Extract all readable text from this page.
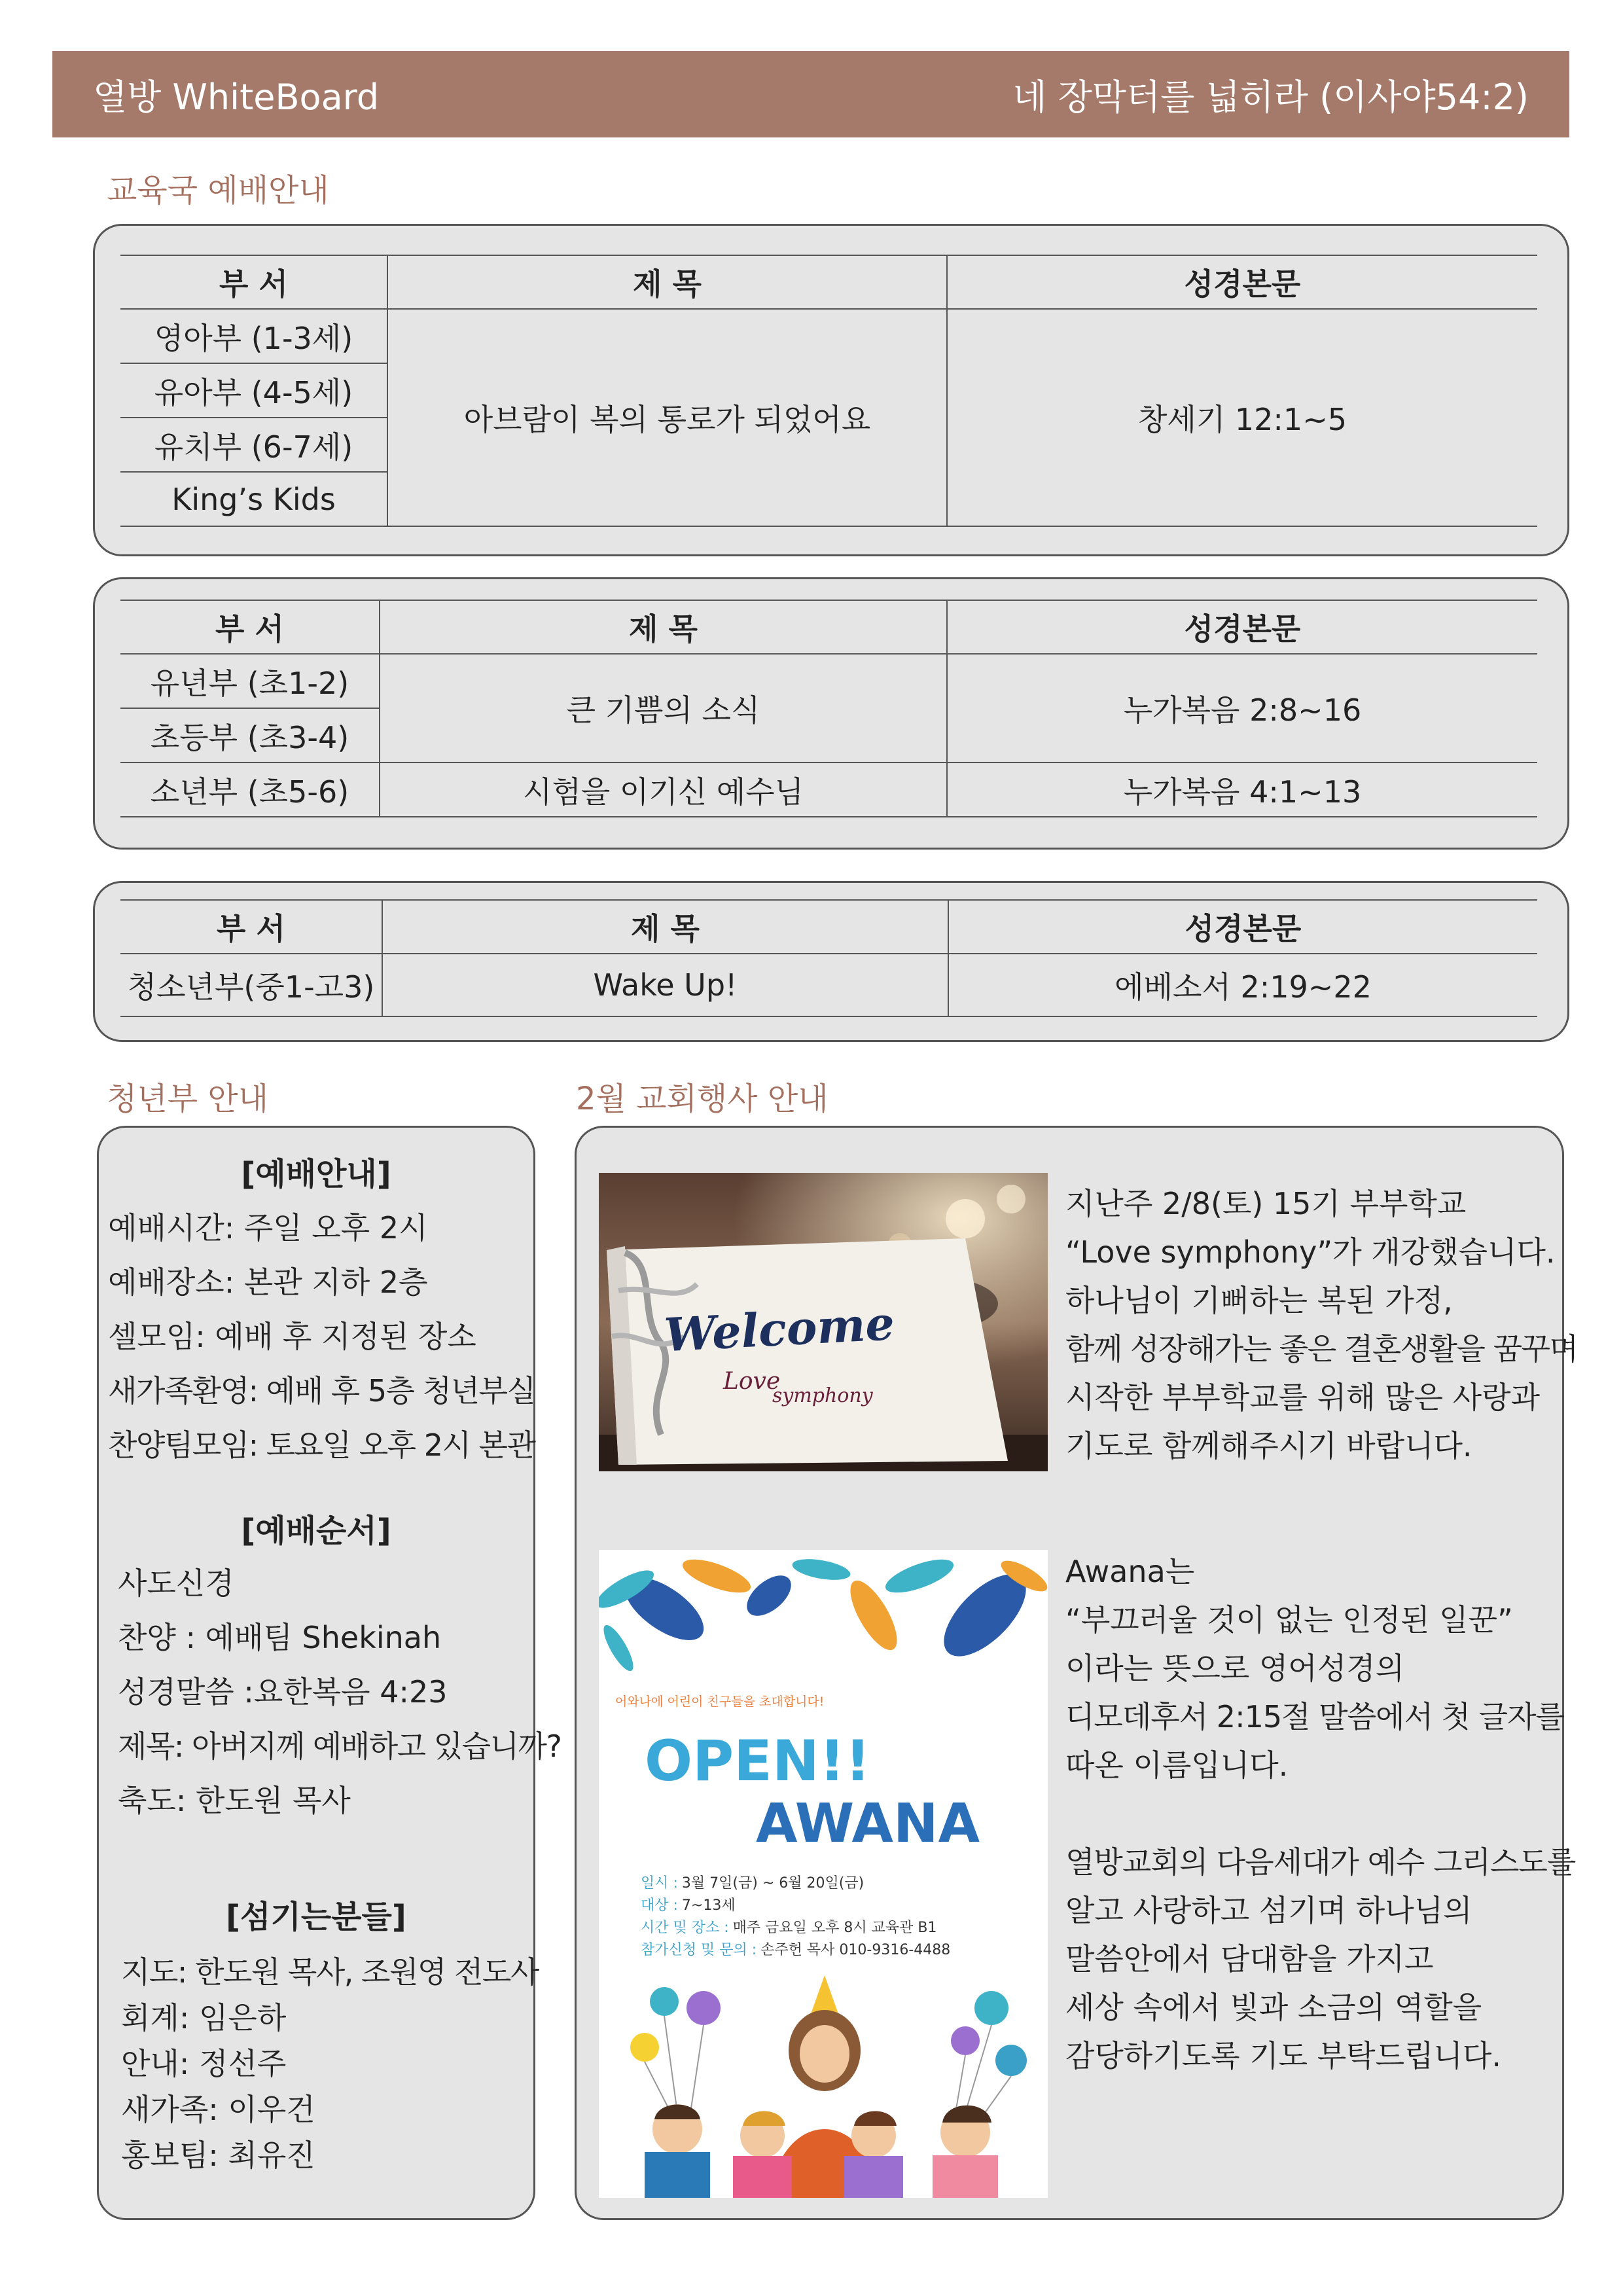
열방 WhiteBoard	네 장막터를 넓히라 (이사야54:2)
교육국 예배안내
부 서	제 목	성경본문
영아부 (1-3세)	아브람이 복의 통로가 되었어요	창세기 12:1~5
유아부 (4-5세)		
유치부 (6-7세)		
King’s Kids		
부 서	제 목	성경본문
유년부 (초1-2)	큰 기쁨의 소식	누가복음 2:8~16
초등부 (초3-4)		
소년부 (초5-6)	시험을 이기신 예수님	누가복음 4:1~13
부 서	제 목	성경본문
청소년부(중1-고3)	Wake Up!	에베소서 2:19~22
청년부 안내
[예배안내]
예배시간: 주일 오후 2시
예배장소: 본관 지하 2층
셀모임: 예배 후 지정된 장소
새가족환영: 예배 후 5층 청년부실
찬양팀모임: 토요일 오후 2시 본관
[예배순서]
사도신경
찬양 : 예배팀 Shekinah
성경말씀 :요한복음 4:23
제목: 아버지께 예배하고 있습니까?
축도: 한도원 목사
[섬기는분들]
지도: 한도원 목사, 조원영 전도사
회계: 임은하
안내: 정선주
새가족: 이우건
홍보팀: 최유진
2월 교회행사 안내
Welcome
Love
symphony
지난주 2/8(토) 15기 부부학교
“Love symphony”가 개강했습니다.
하나님이 기뻐하는 복된 가정,
함께 성장해가는 좋은 결혼생활을 꿈꾸며
시작한 부부학교를 위해 많은 사랑과
기도로 함께해주시기 바랍니다.
어와나에 어린이 친구들을 초대합니다!
OPEN!!
AWANA
일시 : 3월 7일(금) ~ 6월 20일(금)
대상 : 7~13세
시간 및 장소 : 매주 금요일 오후 8시 교육관 B1
참가신청 및 문의 : 손주헌 목사 010-9316-4488
Awana는
“부끄러울 것이 없는 인정된 일꾼”
이라는 뜻으로 영어성경의
디모데후서 2:15절 말씀에서 첫 글자를
따온 이름입니다.
열방교회의 다음세대가 예수 그리스도를
알고 사랑하고 섬기며 하나님의
말씀안에서 담대함을 가지고
세상 속에서 빛과 소금의 역할을
감당하기도록 기도 부탁드립니다.
